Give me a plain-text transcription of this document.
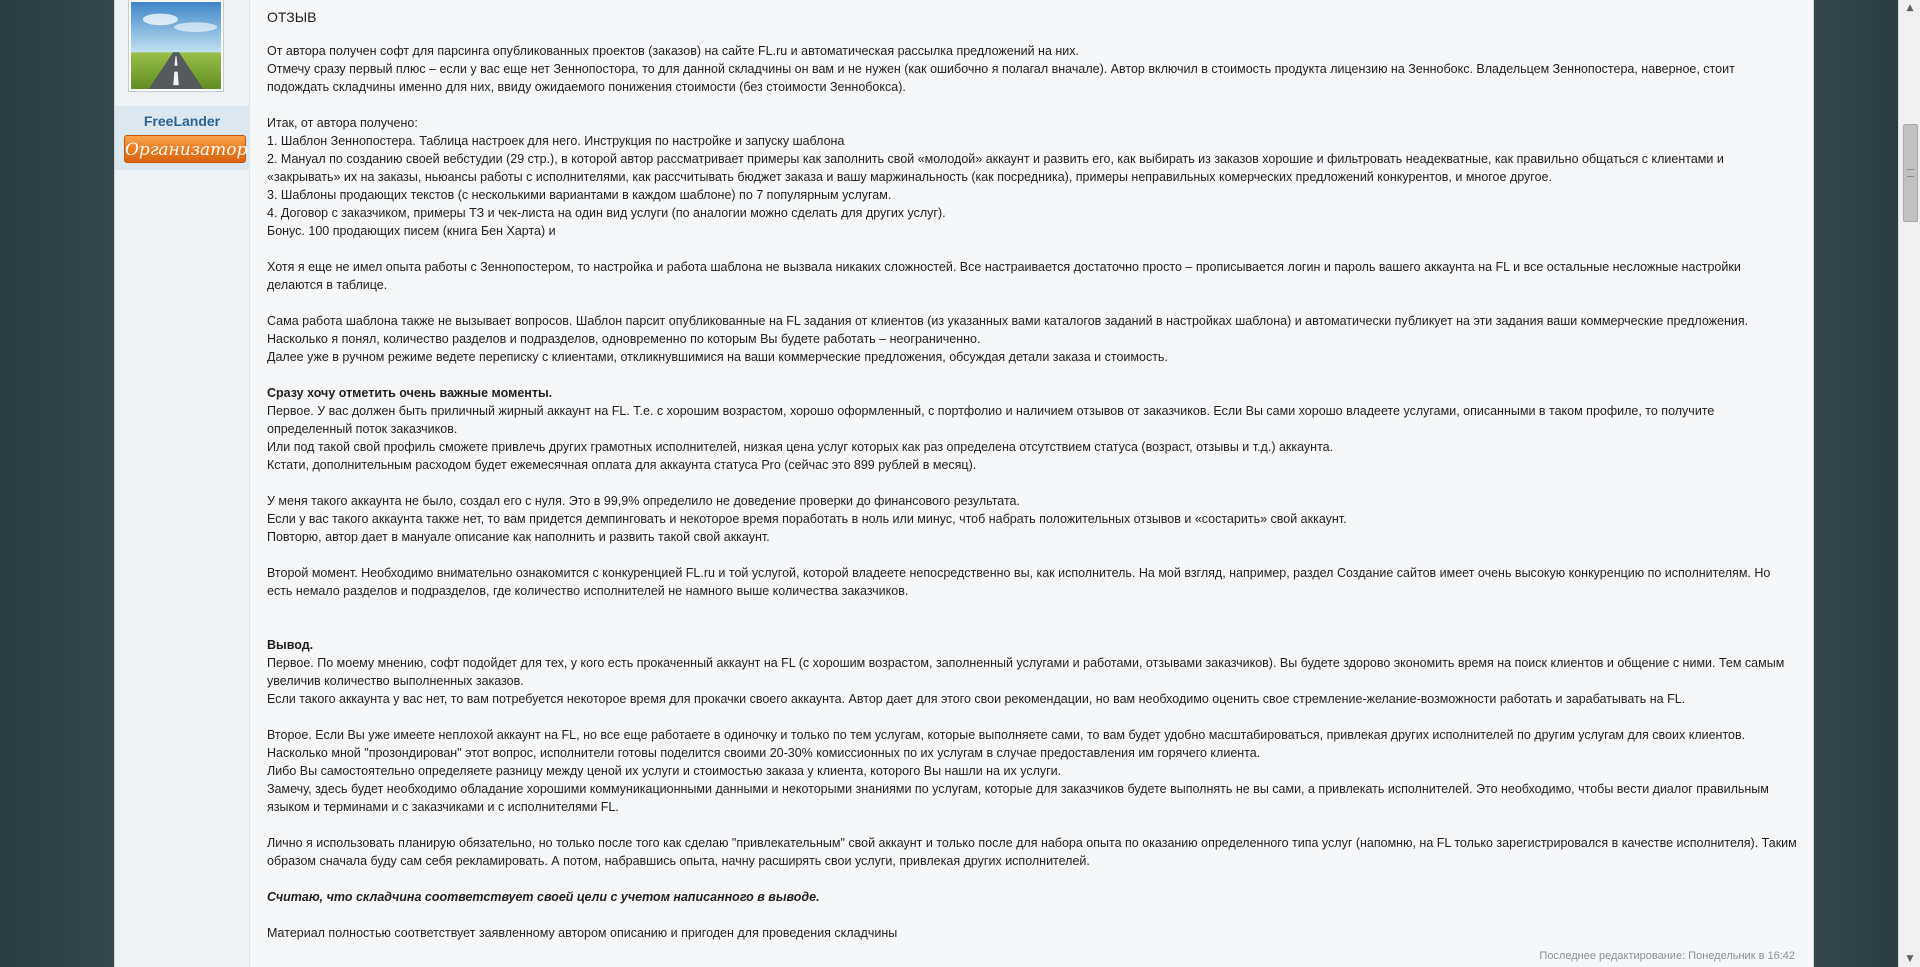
FreeLander
Организатор
ОТЗЫВ

От автора получен софт для парсинга опубликованных проектов (заказов) на сайте FL.ru и автоматическая рассылка предложений на них.

Отмечу сразу первый плюс – если у вас еще нет Зеннопостора, то для данной складчины он вам и не нужен (как ошибочно я полагал вначале). Автор включил в стоимость продукта лицензию на Зеннобокс. Владельцем Зеннопостера, наверное, стоит подождать складчины именно для них, ввиду ожидаемого понижения стоимости (без стоимости Зеннобокса).

Итак, от автора получено:

1. Шаблон Зеннопостера. Таблица настроек для него. Инструкция по настройке и запуску шаблона

2. Мануал по созданию своей вебстудии (29 стр.), в которой автор рассматривает примеры как заполнить свой «молодой» аккаунт и развить его, как выбирать из заказов хорошие и фильтровать неадекватные, как правильно общаться с клиентами и «закрывать» их на заказы, ньюансы работы с исполнителями, как рассчитывать бюджет заказа и вашу маржинальность (как посредника), примеры неправильных комерческих предложений конкурентов, и многое другое.

3. Шаблоны продающих текстов (с несколькими вариантами в каждом шаблоне) по 7 популярным услугам.

4. Договор с заказчиком, примеры ТЗ и чек-листа на один вид услуги (по аналогии можно сделать для других услуг).

Бонус. 100 продающих писем (книга Бен Харта) и

Хотя я еще не имел опыта работы с Зеннопостером, то настройка и работа шаблона не вызвала никаких сложностей. Все настраивается достаточно просто – прописывается логин и пароль вашего аккаунта на FL и все остальные несложные настройки делаются в таблице.

Сама работа шаблона также не вызывает вопросов. Шаблон парсит опубликованные на FL задания от клиентов (из указанных вами каталогов заданий в настройках шаблона) и автоматически публикует на эти задания ваши коммерческие предложения. Насколько я понял, количество разделов и подразделов, одновременно по которым Вы будете работать – неограниченно.

Далее уже в ручном режиме ведете переписку с клиентами, откликнувшимися на ваши коммерческие предложения, обсуждая детали заказа и стоимость.

Сразу хочу отметить очень важные моменты.

Первое. У вас должен быть приличный жирный аккаунт на FL. Т.е. с хорошим возрастом, хорошо оформленный, с портфолио и наличием отзывов от заказчиков. Если Вы сами хорошо владеете услугами, описанными в таком профиле, то получите определенный поток заказчиков.

Или под такой свой профиль сможете привлечь других грамотных исполнителей, низкая цена услуг которых как раз определена отсутствием статуса (возраст, отзывы и т.д.) аккаунта.

Кстати, дополнительным расходом будет ежемесячная оплата для аккаунта статуса Pro (сейчас это 899 рублей в месяц).

У меня такого аккаунта не было, создал его с нуля. Это в 99,9% определило не доведение проверки до финансового результата.

Если у вас такого аккаунта также нет, то вам придется демпинговать и некоторое время поработать в ноль или минус, чтоб набрать положительных отзывов и «состарить» свой аккаунт.

Повторю, автор дает в мануале описание как наполнить и развить такой свой аккаунт.

Второй момент. Необходимо внимательно ознакомится с конкуренцией FL.ru и той услугой, которой владеете непосредственно вы, как исполнитель. На мой взгляд, например, раздел Создание сайтов имеет очень высокую конкуренцию по исполнителям. Но есть немало разделов и подразделов, где количество исполнителей не намного выше количества заказчиков.

Вывод.

Первое. По моему мнению, софт подойдет для тех, у кого есть прокаченный аккаунт на FL (с хорошим возрастом, заполненный услугами и работами, отзывами заказчиков). Вы будете здорово экономить время на поиск клиентов и общение с ними. Тем самым увеличив количество выполненных заказов.

Если такого аккаунта у вас нет, то вам потребуется некоторое время для прокачки своего аккаунта. Автор дает для этого свои рекомендации, но вам необходимо оценить свое стремление-желание-возможности работать и зарабатывать на FL.

Второе. Если Вы уже имеете неплохой аккаунт на FL, но все еще работаете в одиночку и только по тем услугам, которые выполняете сами, то вам будет удобно масштабироваться, привлекая других исполнителей по другим услугам для своих клиентов. Насколько мной "прозондирован" этот вопрос, исполнители готовы поделится своими 20-30% комиссионных по их услугам в случае предоставления им горячего клиента.

Либо Вы самостоятельно определяете разницу между ценой их услуги и стоимостью заказа у клиента, которого Вы нашли на их услуги.

Замечу, здесь будет необходимо обладание хорошими коммуникационными данными и некоторыми знаниями по услугам, которые для заказчиков будете выполнять не вы сами, а привлекать исполнителей. Это необходимо, чтобы вести диалог правильным языком и терминами и с заказчиками и с исполнителями FL.

Лично я использовать планирую обязательно, но только после того как сделаю "привлекательным" свой аккаунт и только после для набора опыта по оказанию определенного типа услуг (напомню, на FL только зарегистрировался в качестве исполнителя). Таким образом сначала буду сам себя рекламировать. А потом, набравшись опыта, начну расширять свои услуги, привлекая других исполнителей.

Считаю, что складчина соответствует своей цели с учетом написанного в выводе.

Материал полностью соответствует заявленному автором описанию и пригоден для проведения складчины

Последнее редактирование: Понедельник в 16:42
▲
▼
